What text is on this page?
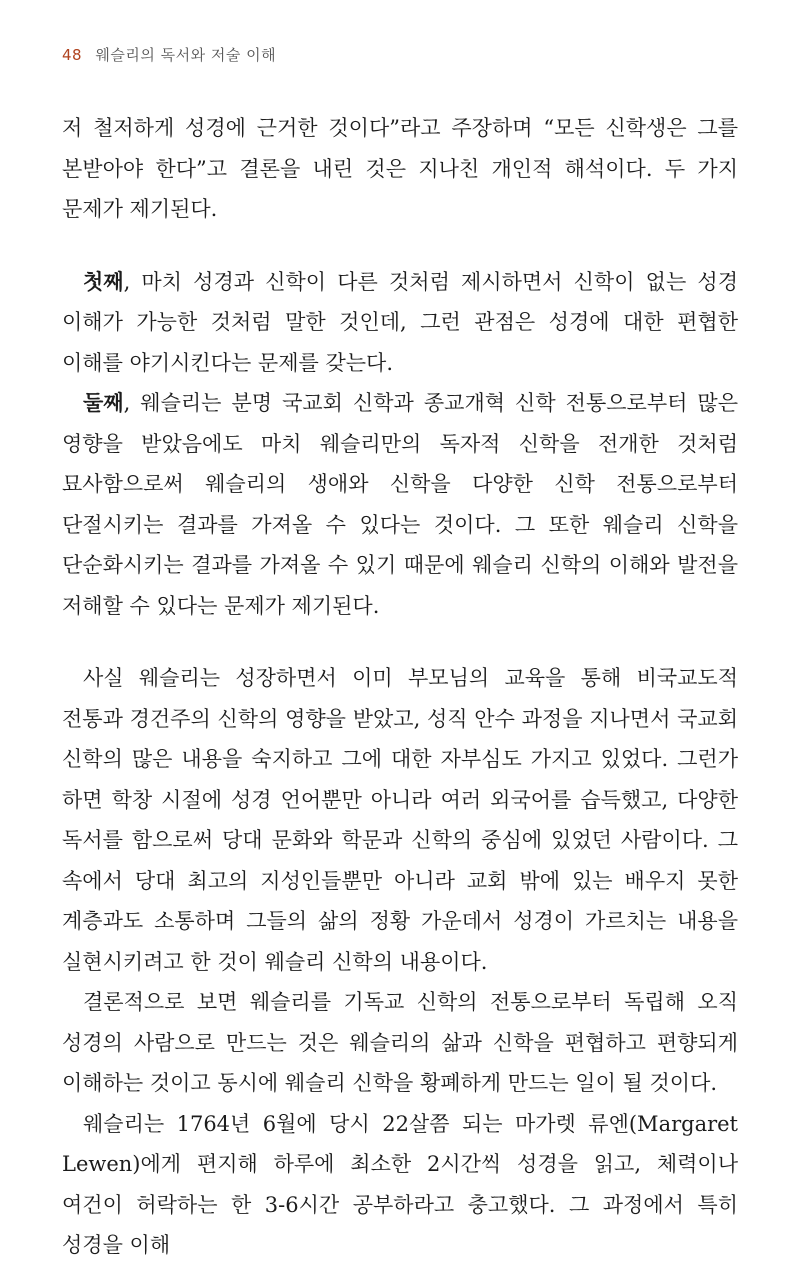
48 웨슬리의 독서와 저술 이해

저 철저하게 성경에 근거한 것이다”라고 주장하며 “모든 신학생은 그를 본받아야 한다”고 결론을 내린 것은 지나친 개인적 해석이다. 두 가지 문제가 제기된다.

첫째, 마치 성경과 신학이 다른 것처럼 제시하면서 신학이 없는 성경 이해가 가능한 것처럼 말한 것인데, 그런 관점은 성경에 대한 편협한 이해를 야기시킨다는 문제를 갖는다.

둘째, 웨슬리는 분명 국교회 신학과 종교개혁 신학 전통으로부터 많은 영향을 받았음에도 마치 웨슬리만의 독자적 신학을 전개한 것처럼 묘사함으로써 웨슬리의 생애와 신학을 다양한 신학 전통으로부터 단절시키는 결과를 가져올 수 있다는 것이다. 그 또한 웨슬리 신학을 단순화시키는 결과를 가져올 수 있기 때문에 웨슬리 신학의 이해와 발전을 저해할 수 있다는 문제가 제기된다.

사실 웨슬리는 성장하면서 이미 부모님의 교육을 통해 비국교도적 전통과 경건주의 신학의 영향을 받았고, 성직 안수 과정을 지나면서 국교회 신학의 많은 내용을 숙지하고 그에 대한 자부심도 가지고 있었다. 그런가 하면 학창 시절에 성경 언어뿐만 아니라 여러 외국어를 습득했고, 다양한 독서를 함으로써 당대 문화와 학문과 신학의 중심에 있었던 사람이다. 그 속에서 당대 최고의 지성인들뿐만 아니라 교회 밖에 있는 배우지 못한 계층과도 소통하며 그들의 삶의 정황 가운데서 성경이 가르치는 내용을 실현시키려고 한 것이 웨슬리 신학의 내용이다.

결론적으로 보면 웨슬리를 기독교 신학의 전통으로부터 독립해 오직 성경의 사람으로 만드는 것은 웨슬리의 삶과 신학을 편협하고 편향되게 이해하는 것이고 동시에 웨슬리 신학을 황폐하게 만드는 일이 될 것이다.

웨슬리는 1764년 6월에 당시 22살쯤 되는 마가렛 류엔(Margaret Lewen)에게 편지해 하루에 최소한 2시간씩 성경을 읽고, 체력이나 여건이 허락하는 한 3-6시간 공부하라고 충고했다. 그 과정에서 특히 성경을 이해
